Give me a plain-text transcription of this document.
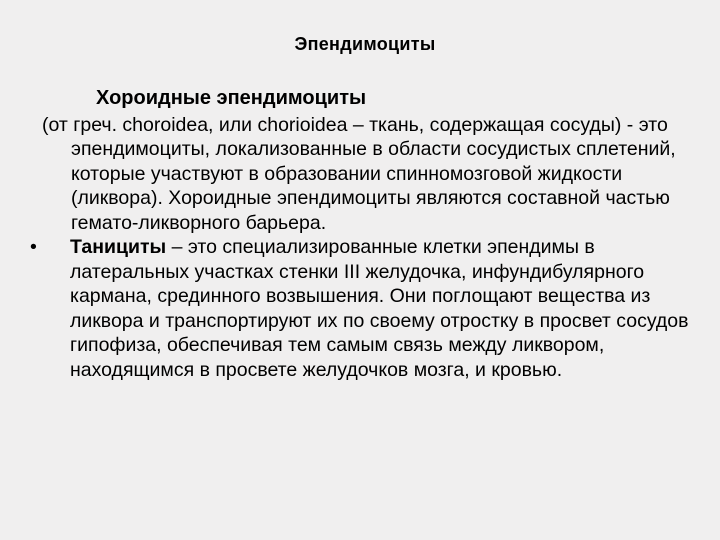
Эпендимоциты
Хороидные эпендимоциты
(от греч. choroidea, или chorioidea – ткань, содержащая сосуды) - это эпендимоциты, локализованные в области сосудистых сплетений, которые участвуют в образовании спинномозговой жидкости (ликвора). Хороидные эпендимоциты являются составной частью гемато-ликворного барьера.
•	Танициты – это специализированные клетки эпендимы в латеральных участках стенки III желудочка, инфундибулярного кармана, срединного возвышения. Они поглощают вещества из ликвора и транспортируют их по своему отростку в просвет сосудов гипофиза, обеспечивая тем самым связь между ликвором, находящимся в просвете желудочков мозга, и кровью.
